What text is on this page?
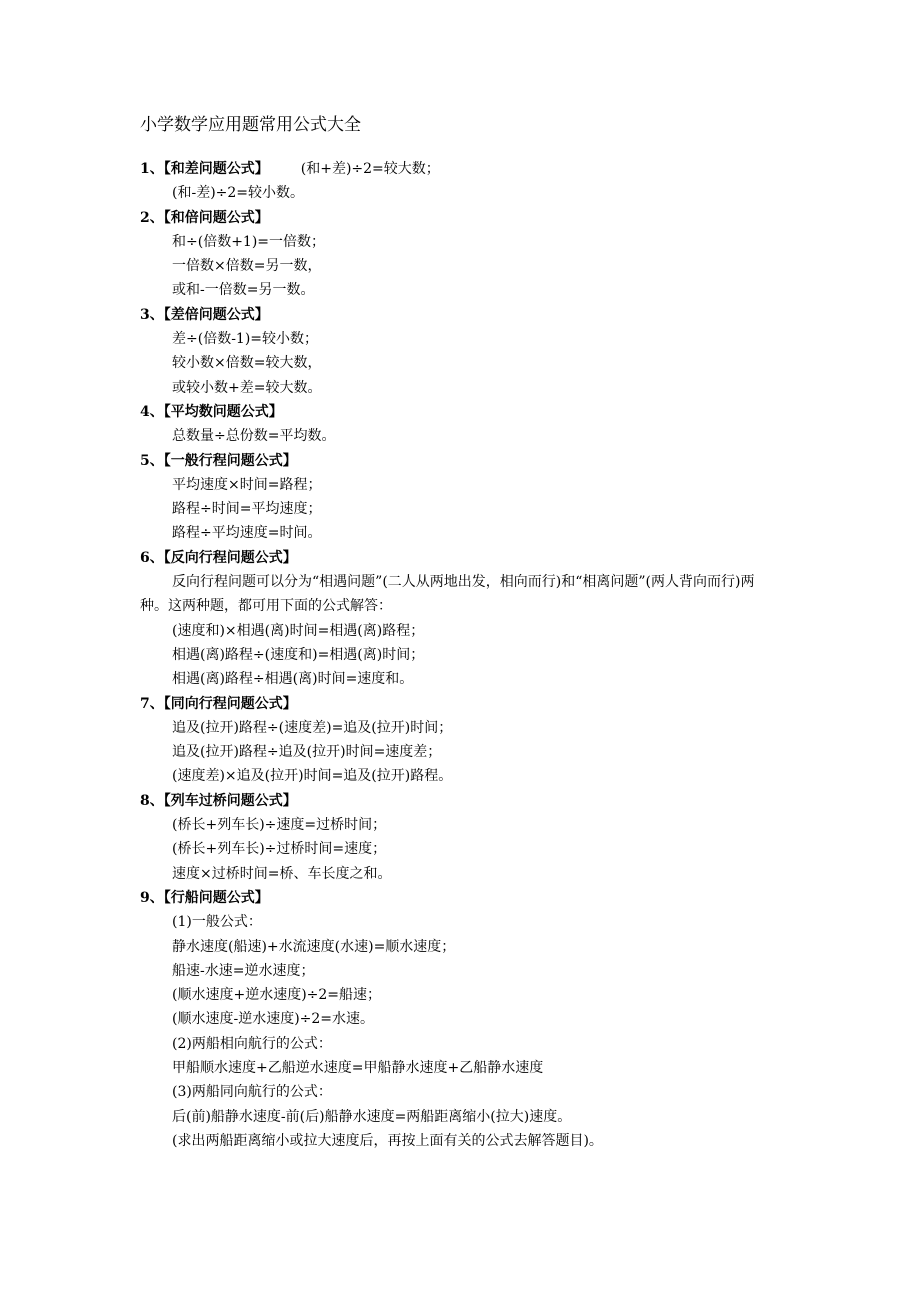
小学数学应用题常用公式大全
1、【和差问题公式】 (和+差)÷2=较大数；
(和-差)÷2=较小数。
2、【和倍问题公式】
和÷(倍数+1)=一倍数；
一倍数×倍数=另一数，
或和-一倍数=另一数。
3、【差倍问题公式】
差÷(倍数-1)=较小数；
较小数×倍数=较大数，
或较小数+差=较大数。
4、【平均数问题公式】
总数量÷总份数=平均数。
5、【一般行程问题公式】
平均速度×时间=路程；
路程÷时间=平均速度；
路程÷平均速度=时间。
6、【反向行程问题公式】
反向行程问题可以分为“相遇问题”(二人从两地出发，相向而行)和“相离问题”(两人背向而行)两种。这两种题，都可用下面的公式解答：
(速度和)×相遇(离)时间=相遇(离)路程；
相遇(离)路程÷(速度和)=相遇(离)时间；
相遇(离)路程÷相遇(离)时间=速度和。
7、【同向行程问题公式】
追及(拉开)路程÷(速度差)=追及(拉开)时间；
追及(拉开)路程÷追及(拉开)时间=速度差；
(速度差)×追及(拉开)时间=追及(拉开)路程。
8、【列车过桥问题公式】
(桥长+列车长)÷速度=过桥时间；
(桥长+列车长)÷过桥时间=速度；
速度×过桥时间=桥、车长度之和。
9、【行船问题公式】
(1)一般公式：
静水速度(船速)+水流速度(水速)=顺水速度；
船速-水速=逆水速度；
(顺水速度+逆水速度)÷2=船速；
(顺水速度-逆水速度)÷2=水速。
(2)两船相向航行的公式：
甲船顺水速度+乙船逆水速度=甲船静水速度+乙船静水速度
(3)两船同向航行的公式：
后(前)船静水速度-前(后)船静水速度=两船距离缩小(拉大)速度。
(求出两船距离缩小或拉大速度后，再按上面有关的公式去解答题目)。
